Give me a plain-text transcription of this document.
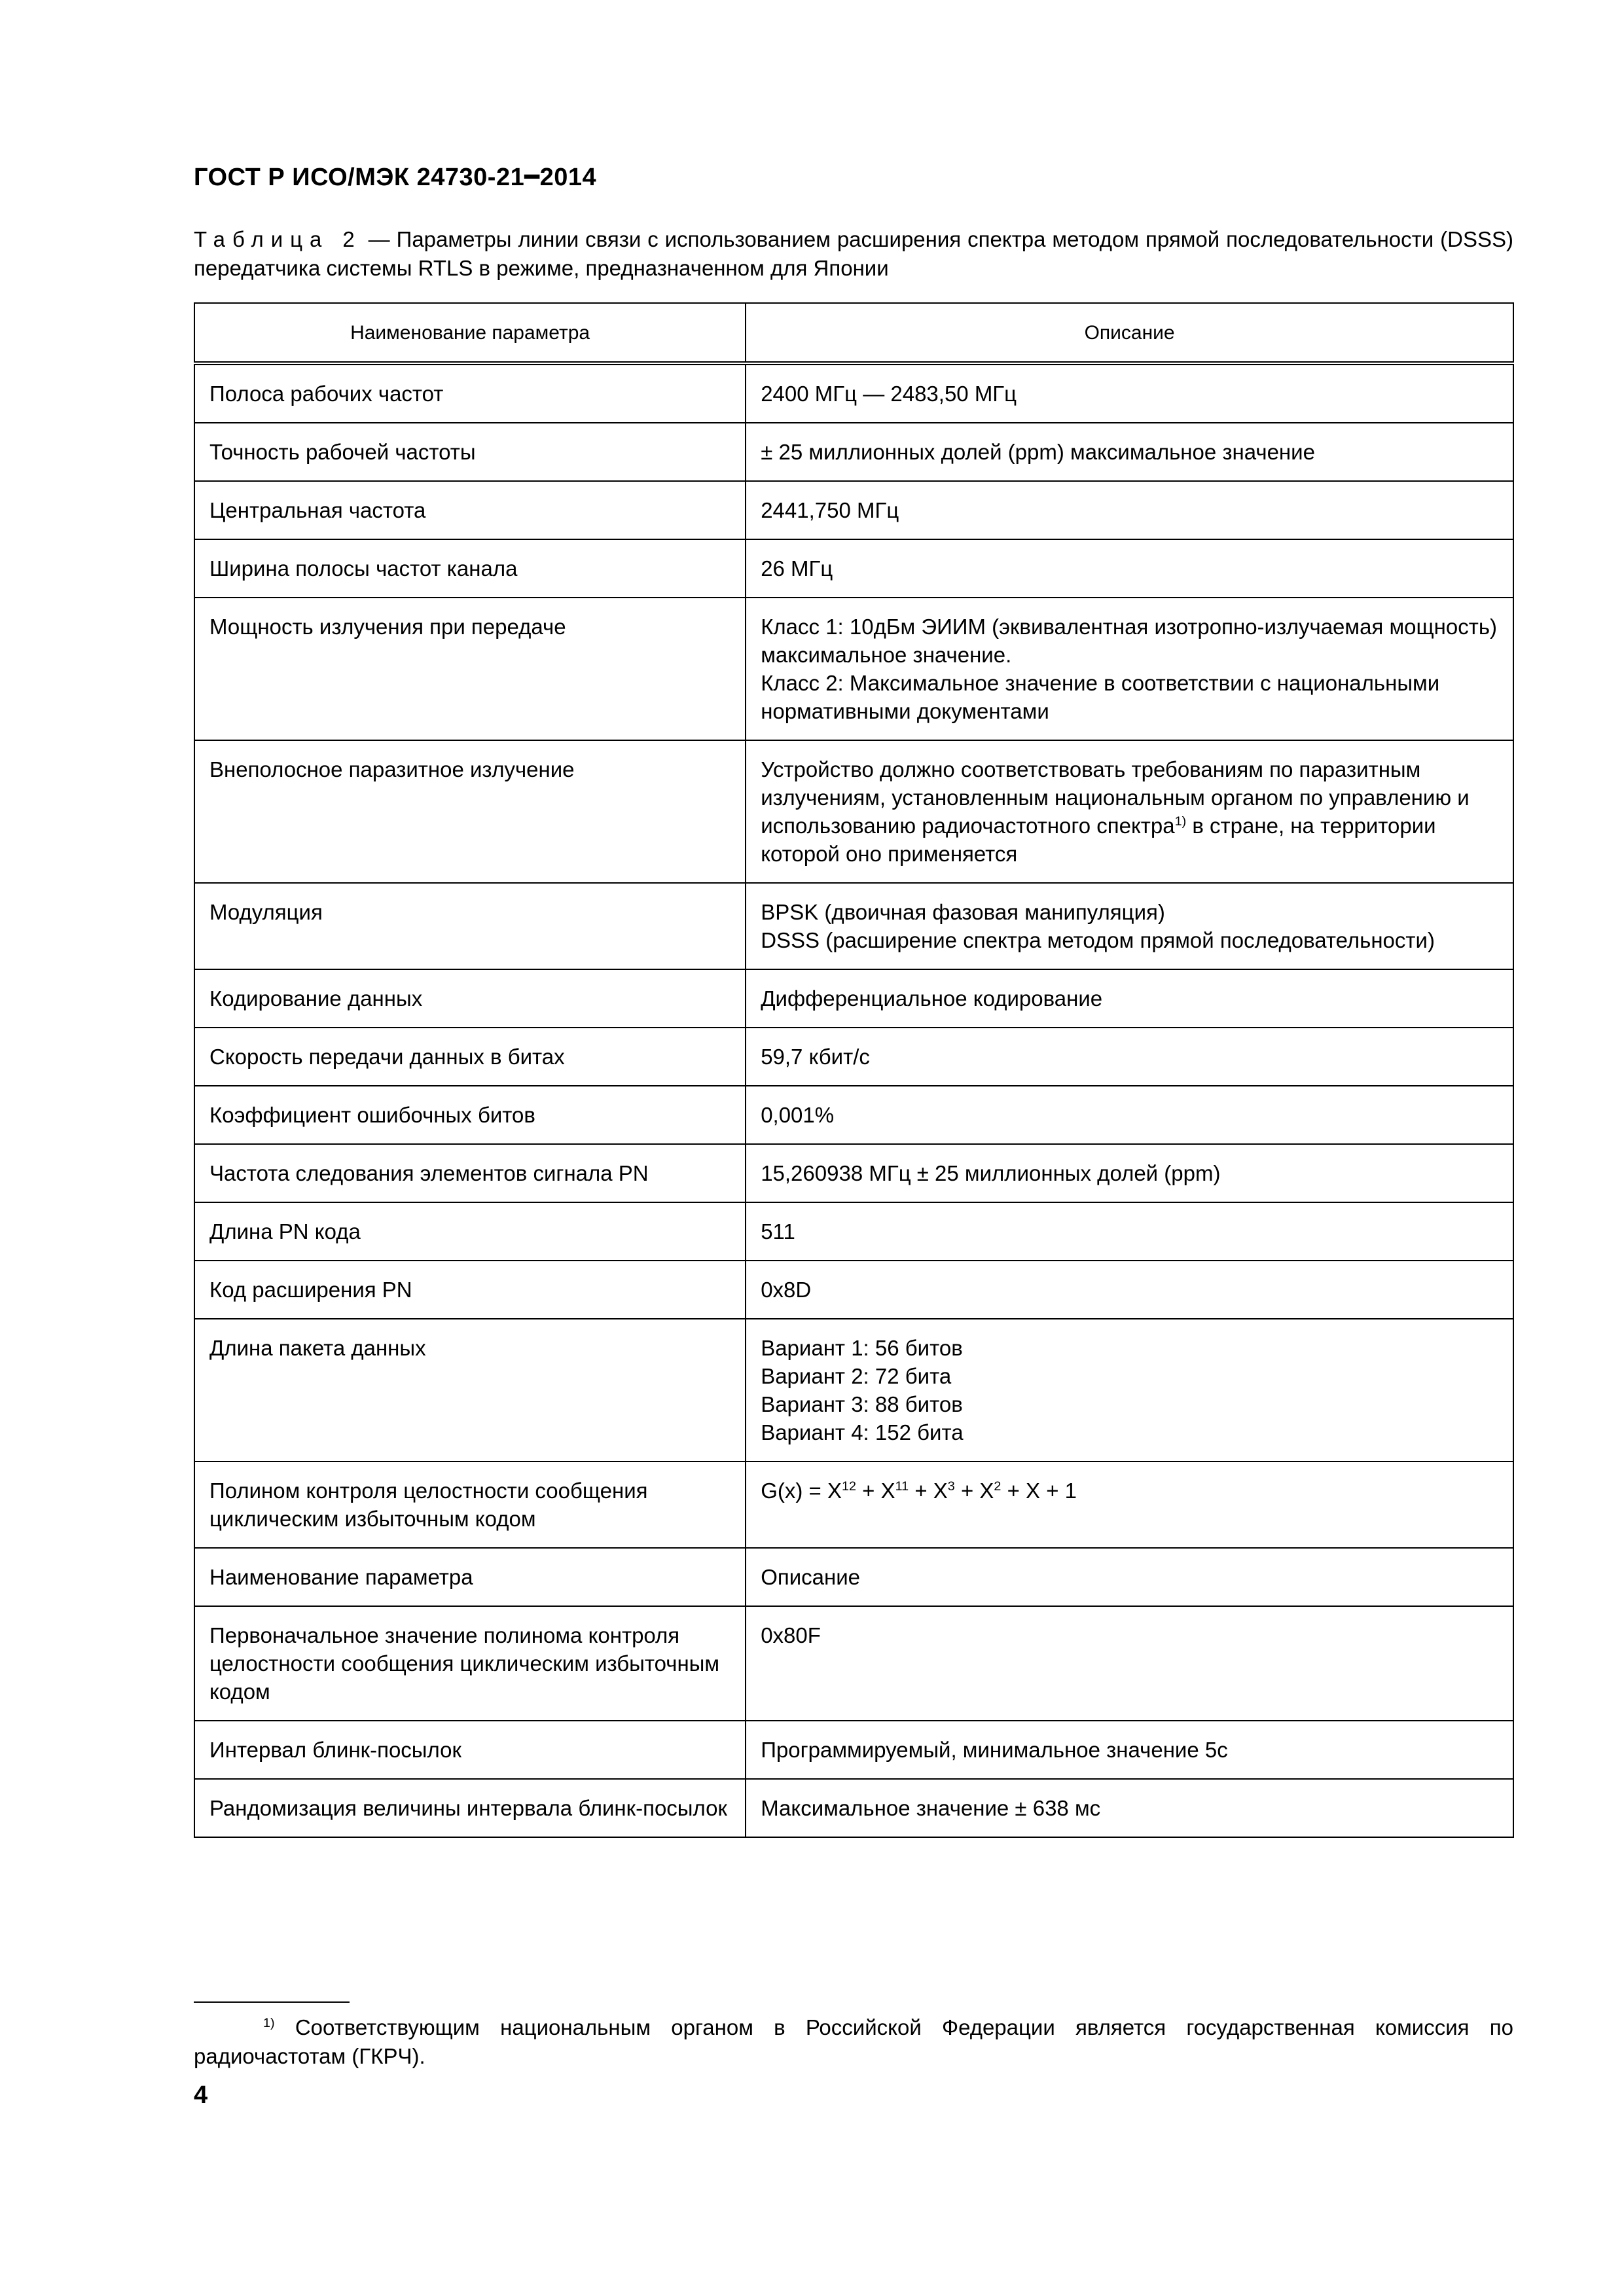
ГОСТ Р ИСО/МЭК 24730-21━2014
Таблица 2 — Параметры линии связи с использованием расширения спектра методом прямой последовательности (DSSS) передатчика системы RTLS в режиме, предназначенном для Японии
Наименование параметра	Описание
Полоса рабочих частот	2400 МГц — 2483,50 МГц
Точность рабочей частоты	± 25 миллионных долей (ppm) максимальное значение
Центральная частота	2441,750 МГц
Ширина полосы частот канала	26 МГц
Мощность излучения при передаче	Класс 1: 10дБм ЭИИМ (эквивалентная изотропно-излучаемая мощность) максимальное значение.
Класс 2: Максимальное значение в соответствии с национальными нормативными документами

Внеполосное паразитное излучение	Устройство должно соответствовать требованиям по паразитным излучениям, установленным национальным органом по управлению и использованию радиочастотного спектра$^{1)}$ в стране, на территории которой оно применяется
Модуляция	BPSK (двоичная фазовая манипуляция)
DSSS (расширение спектра методом прямой последовательности)

Кодирование данных	Дифференциальное кодирование
Скорость передачи данных в битах	59,7 кбит/с
Коэффициент ошибочных битов	0,001%
Частота следования элементов сигнала PN	15,260938 МГц ± 25 миллионных долей (ppm)
Длина PN кода	511
Код расширения PN	0x8D
Длина пакета данных	Вариант 1: 56 битов
Вариант 2: 72 бита
Вариант 3: 88 битов
Вариант 4: 152 бита

Полином контроля целостности сообщения циклическим избыточным кодом	$G(x) = X^{12} + X^{11} + X^3 + X^2 + X + 1$
Наименование параметра	Описание
Первоначальное значение полинома контроля целостности сообщения циклическим избыточным кодом	0x80F
Интервал блинк-посылок	Программируемый, минимальное значение 5с
Рандомизация величины интервала блинк-посылок	Максимальное значение ± 638 мс
$^{1)}$ Соответствующим национальным органом в Российской Федерации является государственная комиссия по радиочастотам (ГКРЧ).
4
